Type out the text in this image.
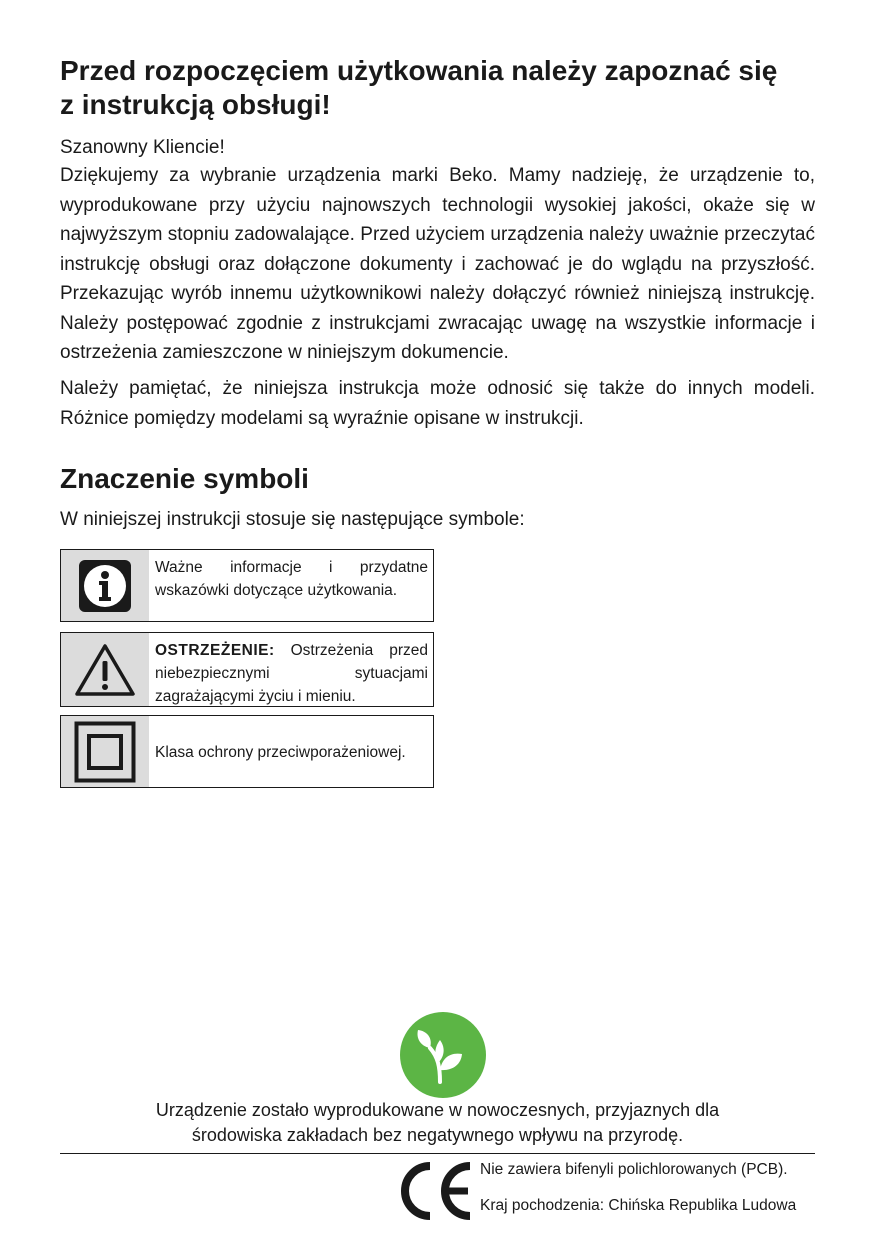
Przed rozpoczęciem użytkowania należy zapoznać się
z instrukcją obsługi!

Szanowny Kliencie!

Dziękujemy za wybranie urządzenia marki Beko. Mamy nadzieję, że urządzenie to, wyprodukowane przy użyciu najnowszych technologii wysokiej jakości, okaże się w najwyższym stopniu zadowalające. Przed użyciem urządzenia należy uważnie przeczytać instrukcję obsługi oraz dołączone dokumenty i zachować je do wglądu na przyszłość. Przekazując wyrób innemu użytkownikowi należy dołączyć również niniejszą instrukcję. Należy postępować zgodnie z instrukcjami zwracając uwagę na wszystkie informacje i ostrzeżenia zamieszczone w niniejszym dokumencie.

Należy pamiętać, że niniejsza instrukcja może odnosić się także do innych modeli. Różnice pomiędzy modelami są wyraźnie opisane w instrukcji.

Znaczenie symboli

W niniejszej instrukcji stosuje się następujące symbole:

Ważne informacje i przydatne wskazówki dotyczące użytkowania.
OSTRZEŻENIE: Ostrzeżenia przed niebezpiecznymi sytuacjami zagrażającymi życiu i mieniu.
Klasa ochrony przeciwporażeniowej.

Urządzenie zostało wyprodukowane w nowoczesnych, przyjaznych dla
środowiska zakładach bez negatywnego wpływu na przyrodę.

Nie zawiera bifenyli polichlorowanych (PCB).

Kraj pochodzenia: Chińska Republika Ludowa
